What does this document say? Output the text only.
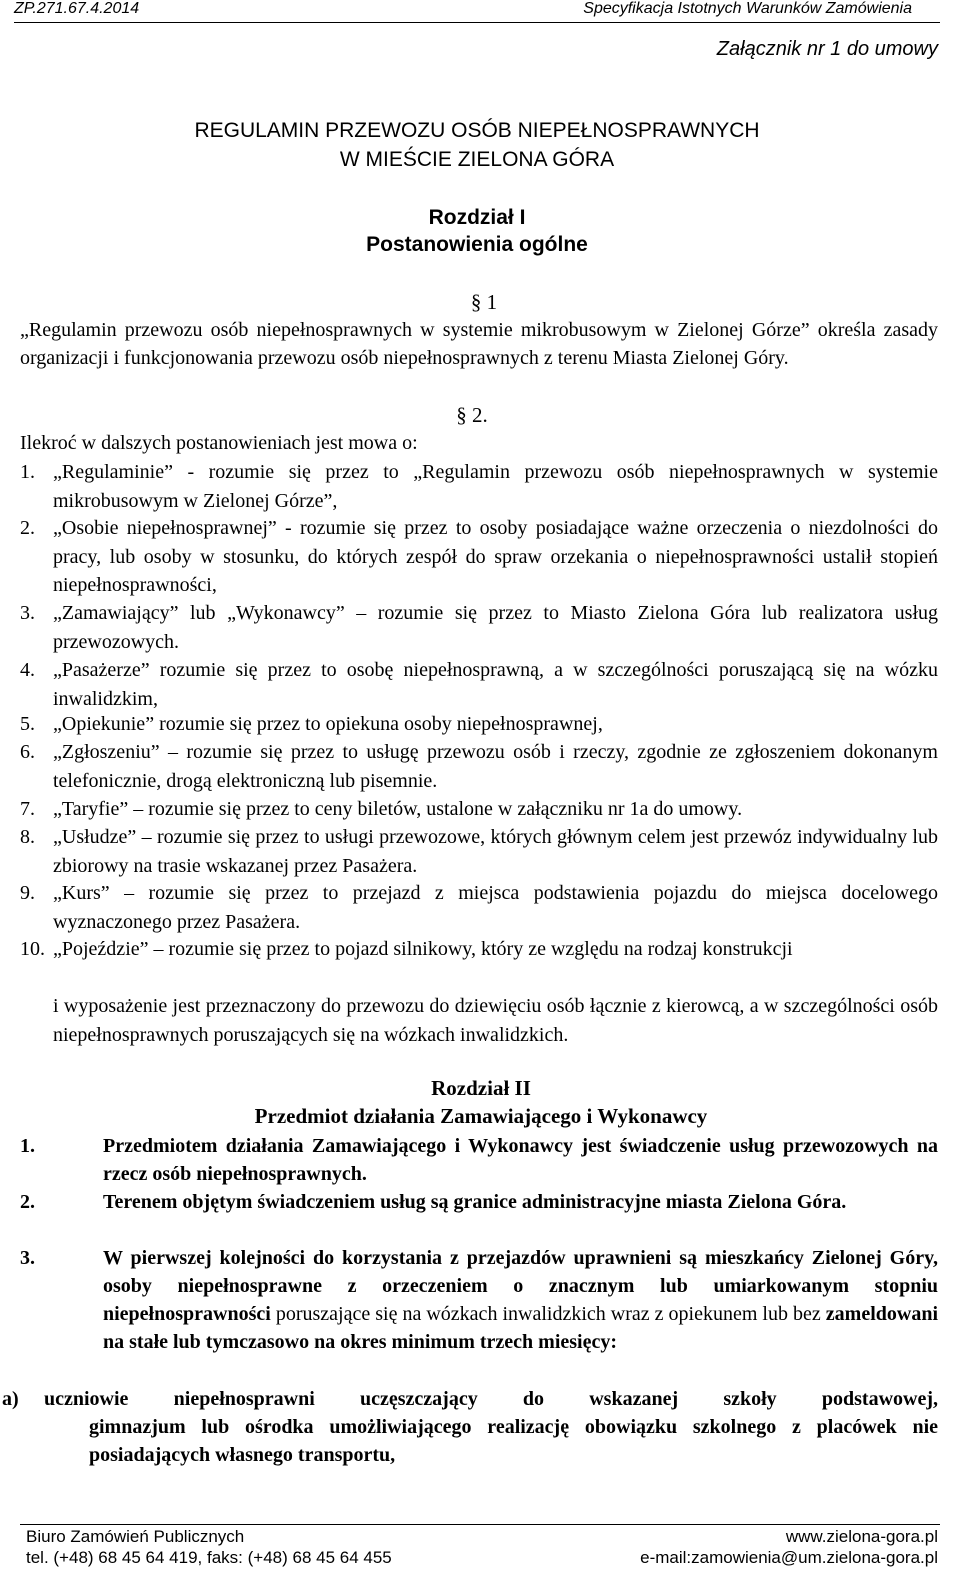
ZP.271.67.4.2014	Specyfikacja Istotnych Warunków Zamówienia
Załącznik nr 1 do umowy
REGULAMIN PRZEWOZU OSÓB NIEPEŁNOSPRAWNYCH
W MIEŚCIE ZIELONA GÓRA
Rozdział I
Postanowienia ogólne
§ 1
„Regulamin przewozu osób niepełnosprawnych w systemie mikrobusowym w Zielonej Górze” określa zasady organizacji i funkcjonowania przewozu osób niepełnosprawnych z terenu Miasta Zielonej Góry.
§ 2.
Ilekroć w dalszych postanowieniach jest mowa o:
1. „Regulaminie” - rozumie się przez to „Regulamin przewozu osób niepełnosprawnych w systemie mikrobusowym w Zielonej Górze”,
2. „Osobie niepełnosprawnej” - rozumie się przez to osoby posiadające ważne orzeczenia o niezdolności do pracy, lub osoby w stosunku, do których zespół do spraw orzekania o niepełnosprawności ustalił stopień niepełnosprawności,
3. „Zamawiający” lub „Wykonawcy” – rozumie się przez to Miasto Zielona Góra lub realizatora usług przewozowych.
4. „Pasażerze” rozumie się przez to osobę niepełnosprawną, a w szczególności poruszającą się na wózku inwalidzkim,
5. „Opiekunie” rozumie się przez to opiekuna osoby niepełnosprawnej,
6. „Zgłoszeniu” – rozumie się przez to usługę przewozu osób i rzeczy, zgodnie ze zgłoszeniem dokonanym telefonicznie, drogą elektroniczną lub pisemnie.
7. „Taryfie” – rozumie się przez to ceny biletów, ustalone w załączniku nr 1a do umowy.
8. „Usłudze” – rozumie się przez to usługi przewozowe, których głównym celem jest przewóz indywidualny lub zbiorowy na trasie wskazanej przez Pasażera.
9. „Kurs” – rozumie się przez to przejazd z miejsca podstawienia pojazdu do miejsca docelowego wyznaczonego przez Pasażera.
10. „Pojeździe” – rozumie się przez to pojazd silnikowy, który ze względu na rodzaj konstrukcji
i wyposażenie jest przeznaczony do przewozu do dziewięciu osób łącznie z kierowcą, a w szczególności osób niepełnosprawnych poruszających się na wózkach inwalidzkich.
Rozdział II
Przedmiot działania Zamawiającego i Wykonawcy
1.	Przedmiotem działania Zamawiającego i Wykonawcy jest świadczenie usług przewozowych na rzecz osób niepełnosprawnych.
2.	Terenem objętym świadczeniem usług są granice administracyjne miasta Zielona Góra.
3.	W pierwszej kolejności do korzystania z przejazdów uprawnieni są mieszkańcy Zielonej Góry, osoby niepełnosprawne z orzeczeniem o znacznym lub umiarkowanym stopniu niepełnosprawności poruszające się na wózkach inwalidzkich wraz z opiekunem lub bez zameldowani na stałe lub tymczasowo na okres minimum trzech miesięcy:
a) uczniowie niepełnosprawni uczęszczający do wskazanej szkoły podstawowej,
gimnazjum lub ośrodka umożliwiającego realizację obowiązku szkolnego z placówek nie posiadających własnego transportu,
Biuro Zamówień Publicznych	www.zielona-gora.pl
tel. (+48) 68 45 64 419, faks: (+48) 68 45 64 455	e-mail:zamowienia@um.zielona-gora.pl
